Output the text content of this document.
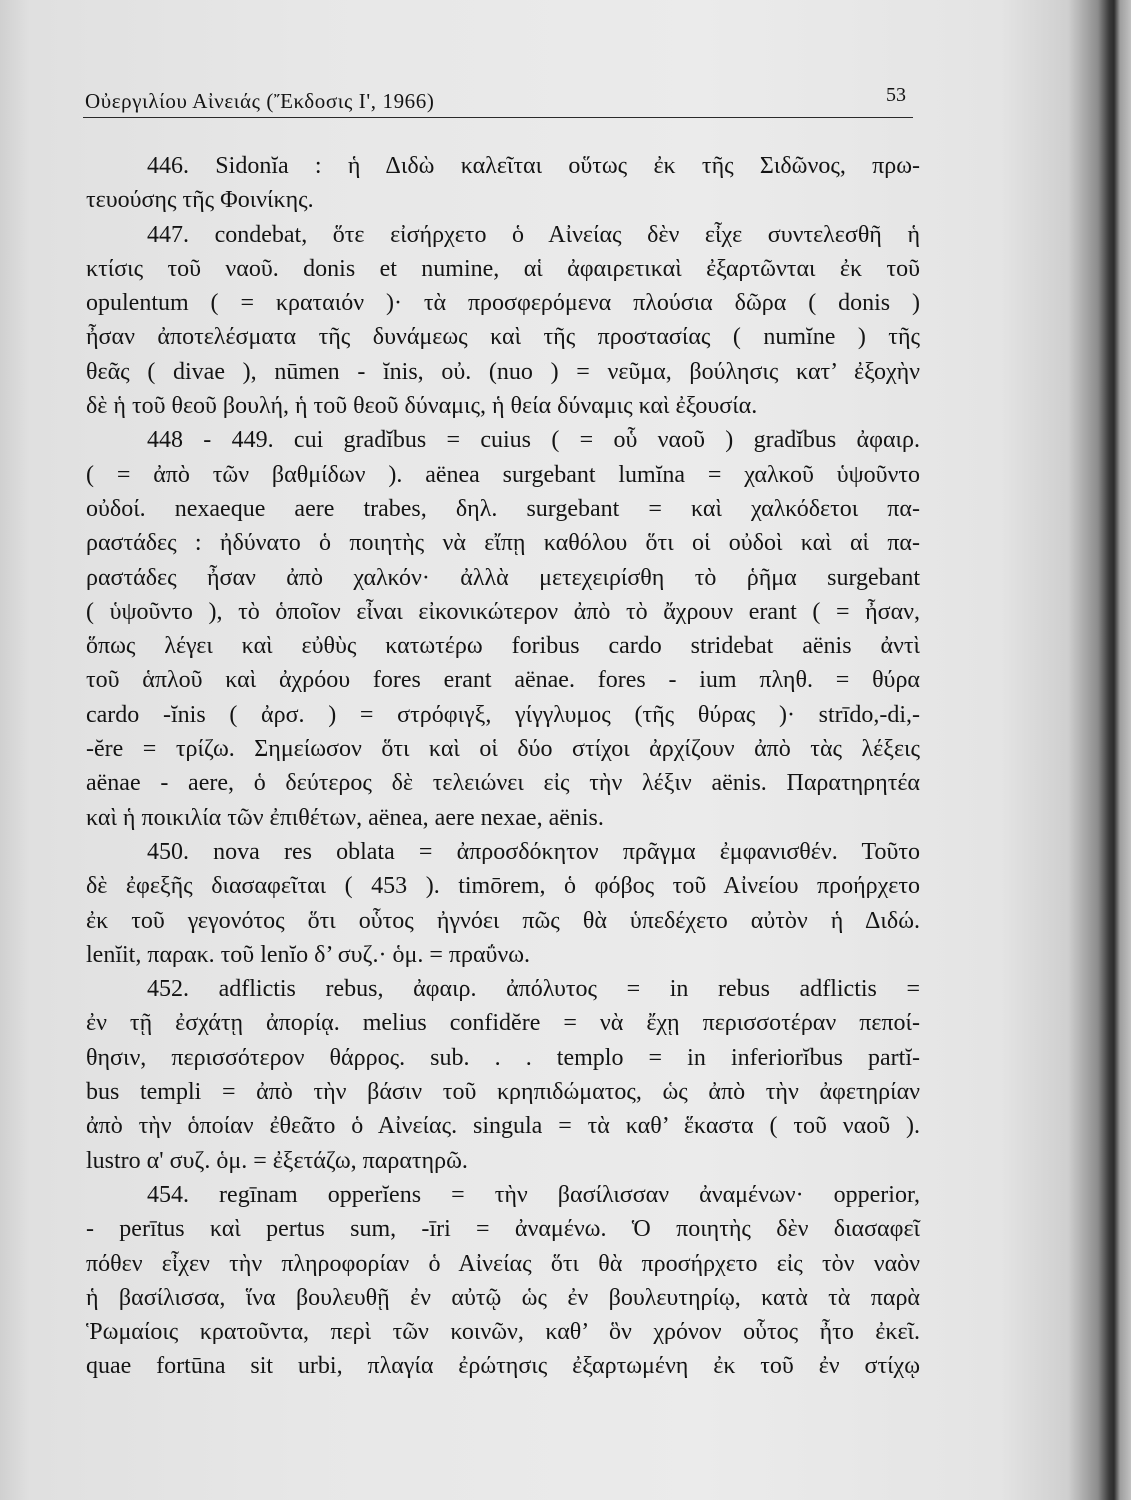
Οὐεργιλίου Αἰνειάς (Ἔκδοσις Ι', 1966)	53
446. Sidonĭa : ἡ Διδὼ καλεῖται οὕτως ἐκ τῆς Σιδῶνος, πρω-
τευούσης τῆς Φοινίκης.
447. condebat, ὅτε εἰσήρχετο ὁ Αἰνείας δὲν εἶχε συντελεσθῆ ἡ
κτίσις τοῦ ναοῦ. donis et numine, αἱ ἀφαιρετικαὶ ἐξαρτῶνται ἐκ τοῦ
opulentum ( = κραταιόν )· τὰ προσφερόμενα πλούσια δῶρα ( donis )
ἦσαν ἀποτελέσματα τῆς δυνάμεως καὶ τῆς προστασίας ( numĭne ) τῆς
θεᾶς ( divae ), nūmen - ĭnis, οὐ. (nuo ) = νεῦμα, βούλησις κατ’ ἐξοχὴν
δὲ ἡ τοῦ θεοῦ βουλή, ἡ τοῦ θεοῦ δύναμις, ἡ θεία δύναμις καὶ ἐξουσία.
448 - 449. cui gradĭbus = cuius ( = οὗ ναοῦ ) gradĭbus ἀφαιρ.
( = ἀπὸ τῶν βαθμίδων ). aënea surgebant lumĭna = χαλκοῦ ὑψοῦντο
οὐδοί. nexaeque aere trabes, δηλ. surgebant = καὶ χαλκόδετοι πα-
ραστάδες : ἠδύνατο ὁ ποιητὴς νὰ εἴπῃ καθόλου ὅτι οἱ οὐδοὶ καὶ αἱ πα-
ραστάδες ἦσαν ἀπὸ χαλκόν· ἀλλὰ μετεχειρίσθη τὸ ῥῆμα surgebant
( ὑψοῦντο ), τὸ ὁποῖον εἶναι εἰκονικώτερον ἀπὸ τὸ ἄχρουν erant ( = ἦσαν,
ὅπως λέγει καὶ εὐθὺς κατωτέρω foribus cardo stridebat aënis ἀντὶ
τοῦ ἁπλοῦ καὶ ἀχρόου fores erant aënae. fores - ium πληθ. = θύρα
cardo -ĭnis ( ἀρσ. ) = στρόφιγξ, γίγγλυμος (τῆς θύρας )· strīdo,-di,-
-ĕre = τρίζω. Σημείωσον ὅτι καὶ οἱ δύο στίχοι ἀρχίζουν ἀπὸ τὰς λέξεις
aënae - aere, ὁ δεύτερος δὲ τελειώνει εἰς τὴν λέξιν aënis. Παρατηρητέα
καὶ ἡ ποικιλία τῶν ἐπιθέτων, aënea, aere nexae, aënis.
450. nova res oblata = ἀπροσδόκητον πρᾶγμα ἐμφανισθέν. Τοῦτο
δὲ ἐφεξῆς διασαφεῖται ( 453 ). timōrem, ὁ φόβος τοῦ Αἰνείου προήρχετο
ἐκ τοῦ γεγονότος ὅτι οὗτος ἠγνόει πῶς θὰ ὑπεδέχετο αὐτὸν ἡ Διδώ.
lenĭit, παρακ. τοῦ lenĭo δ’ συζ.· ὁμ. = πραΰνω.
452. adflictis rebus, ἀφαιρ. ἀπόλυτος = in rebus adflictis =
ἐν τῇ ἐσχάτῃ ἀπορίᾳ. melius confidĕre = νὰ ἔχῃ περισσοτέραν πεποί-
θησιν, περισσότερον θάρρος. sub. . . templo = in inferiorĭbus partĭ-
bus templi = ἀπὸ τὴν βάσιν τοῦ κρηπιδώματος, ὡς ἀπὸ τὴν ἀφετηρίαν
ἀπὸ τὴν ὁποίαν ἐθεᾶτο ὁ Αἰνείας. singula = τὰ καθ’ ἕκαστα ( τοῦ ναοῦ ).
lustro α' συζ. ὁμ. = ἐξετάζω, παρατηρῶ.
454. regīnam opperĭens = τὴν βασίλισσαν ἀναμένων· opperior,
- perītus καὶ pertus sum, -īri = ἀναμένω. Ὁ ποιητὴς δὲν διασαφεῖ
πόθεν εἶχεν τὴν πληροφορίαν ὁ Αἰνείας ὅτι θὰ προσήρχετο εἰς τὸν ναὸν
ἡ βασίλισσα, ἵνα βουλευθῇ ἐν αὐτῷ ὡς ἐν βουλευτηρίῳ, κατὰ τὰ παρὰ
Ῥωμαίοις κρατοῦντα, περὶ τῶν κοινῶν, καθ’ ὃν χρόνον οὗτος ἦτο ἐκεῖ.
quae fortūna sit urbi, πλαγία ἐρώτησις ἐξαρτωμένη ἐκ τοῦ ἐν στίχῳ
